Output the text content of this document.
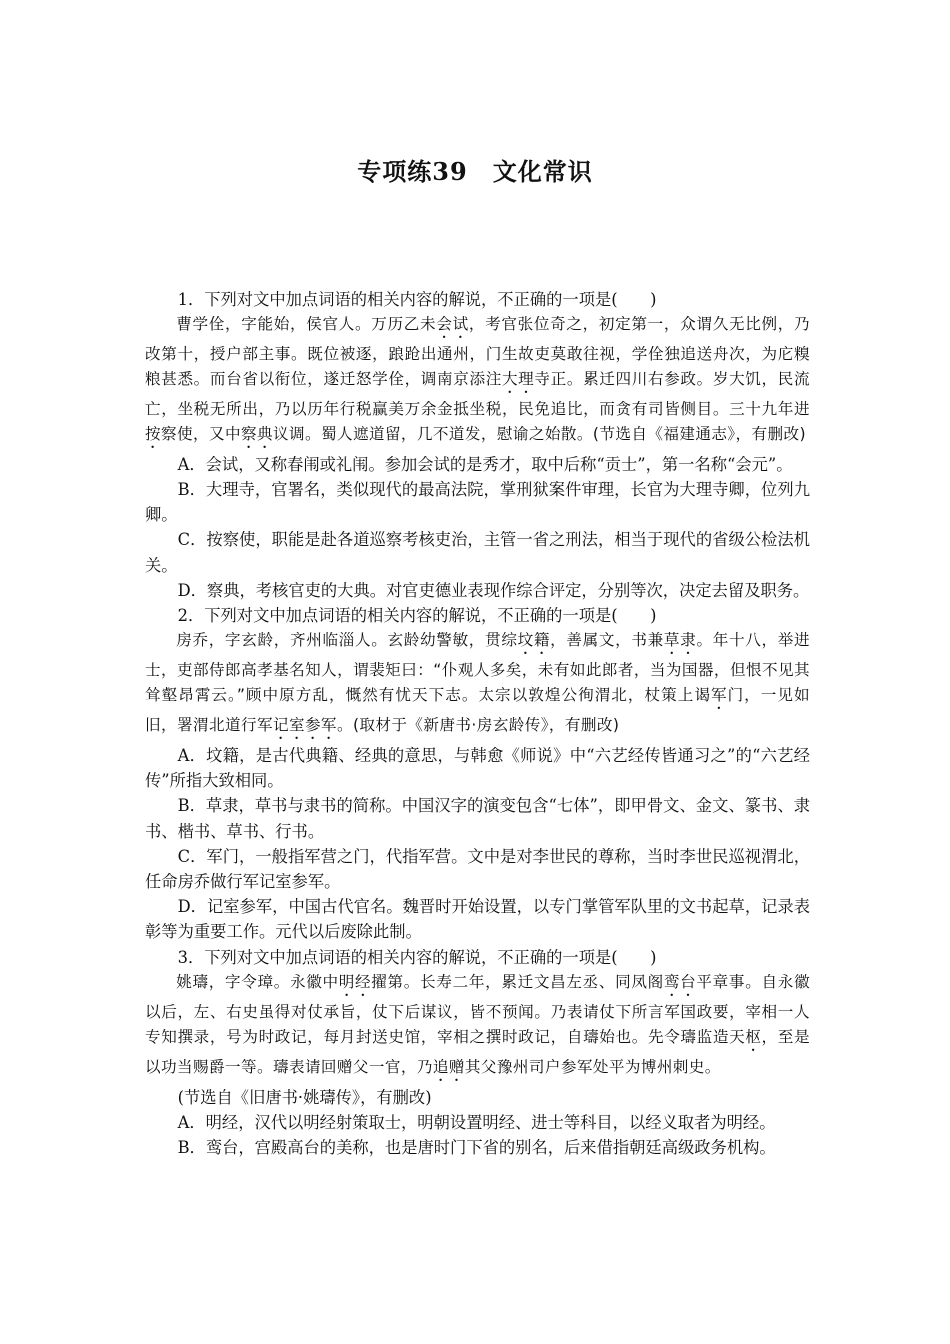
专项练39　文化常识

1．下列对文中加点词语的相关内容的解说，不正确的一项是(　　)

曹学佺，字能始，侯官人。万历乙未会试，考官张位奇之，初定第一，众谓久无比例，乃改第十，授户部主事。既位被逐，踉跄出通州，门生故吏莫敢往视，学佺独追送舟次，为庀糗粮甚悉。而台省以衔位，遂迁怒学佺，调南京添注大理寺正。累迁四川右参政。岁大饥，民流亡，坐税无所出，乃以历年行税赢美万余金抵坐税，民免追比，而贪有司皆侧目。三十九年进按察使，又中察典议调。蜀人遮道留，几不道发，慰谕之始散。(节选自《福建通志》，有删改)

A．会试，又称春闱或礼闱。参加会试的是秀才，取中后称“贡士”，第一名称“会元”。

B．大理寺，官署名，类似现代的最高法院，掌刑狱案件审理，长官为大理寺卿，位列九卿。

C．按察使，职能是赴各道巡察考核吏治，主管一省之刑法，相当于现代的省级公检法机关。

D．察典，考核官吏的大典。对官吏德业表现作综合评定，分别等次，决定去留及职务。

2．下列对文中加点词语的相关内容的解说，不正确的一项是(　　)

房乔，字玄龄，齐州临淄人。玄龄幼警敏，贯综坟籍，善属文，书兼草隶。年十八，举进士，吏部侍郎高孝基名知人，谓裴矩曰：“仆观人多矣，未有如此郎者，当为国器，但恨不见其耸壑昂霄云。”顾中原方乱，慨然有忧天下志。太宗以敦煌公徇渭北，杖策上谒军门，一见如旧，署渭北道行军记室参军。(取材于《新唐书·房玄龄传》，有删改)

A．坟籍，是古代典籍、经典的意思，与韩愈《师说》中“六艺经传皆通习之”的“六艺经传”所指大致相同。

B．草隶，草书与隶书的简称。中国汉字的演变包含“七体”，即甲骨文、金文、篆书、隶书、楷书、草书、行书。

C．军门，一般指军营之门，代指军营。文中是对李世民的尊称，当时李世民巡视渭北，任命房乔做行军记室参军。

D．记室参军，中国古代官名。魏晋时开始设置，以专门掌管军队里的文书起草，记录表彰等为重要工作。元代以后废除此制。

3．下列对文中加点词语的相关内容的解说，不正确的一项是(　　)

姚璹，字令璋。永徽中明经擢第。长寿二年，累迁文昌左丞、同凤阁鸾台平章事。自永徽以后，左、右史虽得对仗承旨，仗下后谋议，皆不预闻。乃表请仗下所言军国政要，宰相一人专知撰录，号为时政记，每月封送史馆，宰相之撰时政记，自璹始也。先令璹监造天枢，至是以功当赐爵一等。璹表请回赠父一官，乃追赠其父豫州司户参军处平为博州刺史。

(节选自《旧唐书·姚璹传》，有删改)

A．明经，汉代以明经射策取士，明朝设置明经、进士等科目，以经义取者为明经。

B．鸾台，宫殿高台的美称，也是唐时门下省的别名，后来借指朝廷高级政务机构。
